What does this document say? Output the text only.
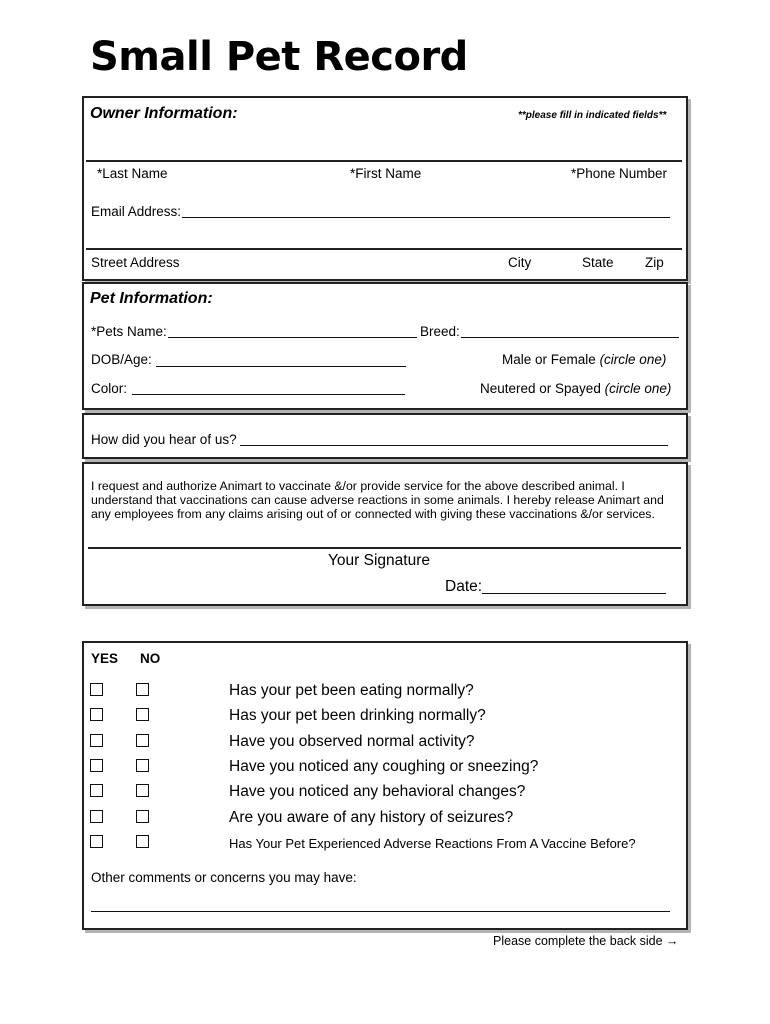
Small Pet Record
Owner Information:	**please fill in indicated fields**
*Last Name	*First Name	*Phone Number
Email Address:
Street Address	City	State Zip
Pet Information:
*Pets Name:	Breed:
DOB/Age:	Male or Female (circle one)
Color:	Neutered or Spayed (circle one)
How did you hear of us?
I request and authorize Animart to vaccinate &/or provide service for the above described animal. I understand that vaccinations can cause adverse reactions in some animals. I hereby release Animart and any employees from any claims arising out of or connected with giving these vaccinations &/or services.
Your Signature
Date:
YES NO
Has your pet been eating normally?
Has your pet been drinking normally?
Have you observed normal activity?
Have you noticed any coughing or sneezing?
Have you noticed any behavioral changes?
Are you aware of any history of seizures?
Has Your Pet Experienced Adverse Reactions From A Vaccine Before?
Other comments or concerns you may have:
Please complete the back side →
